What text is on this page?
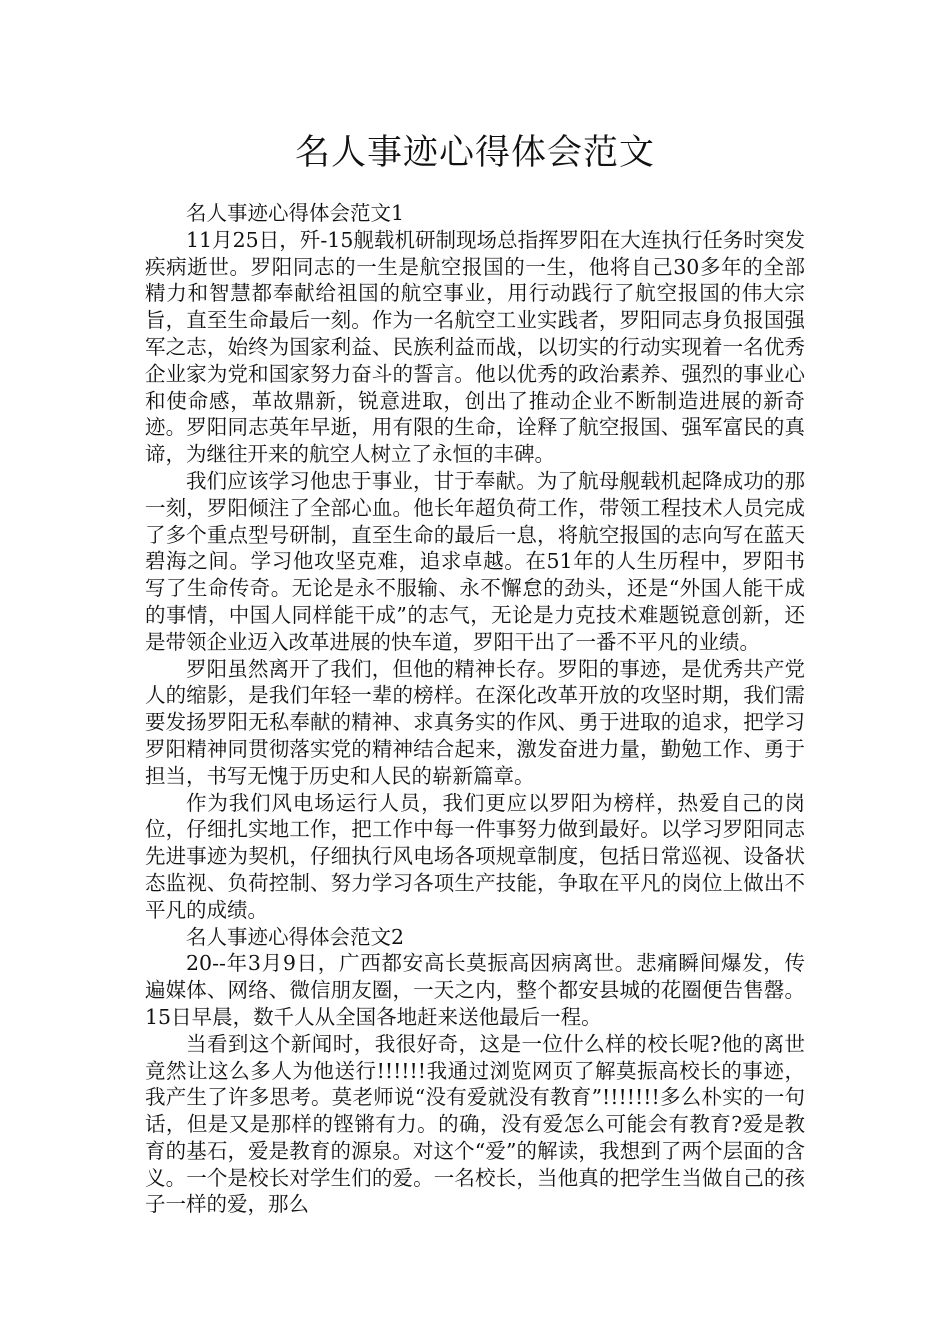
名人事迹心得体会范文

名人事迹心得体会范文1

11月25日，歼-15舰载机研制现场总指挥罗阳在大连执行任务时突发疾病逝世。罗阳同志的一生是航空报国的一生，他将自己30多年的全部精力和智慧都奉献给祖国的航空事业，用行动践行了航空报国的伟大宗旨，直至生命最后一刻。作为一名航空工业实践者，罗阳同志身负报国强军之志，始终为国家利益、民族利益而战，以切实的行动实现着一名优秀企业家为党和国家努力奋斗的誓言。他以优秀的政治素养、强烈的事业心和使命感，革故鼎新，锐意进取，创出了推动企业不断制造进展的新奇迹。罗阳同志英年早逝，用有限的生命，诠释了航空报国、强军富民的真谛，为继往开来的航空人树立了永恒的丰碑。

我们应该学习他忠于事业，甘于奉献。为了航母舰载机起降成功的那一刻，罗阳倾注了全部心血。他长年超负荷工作，带领工程技术人员完成了多个重点型号研制，直至生命的最后一息，将航空报国的志向写在蓝天碧海之间。学习他攻坚克难，追求卓越。在51年的人生历程中，罗阳书写了生命传奇。无论是永不服输、永不懈怠的劲头，还是“外国人能干成的事情，中国人同样能干成”的志气，无论是力克技术难题锐意创新，还是带领企业迈入改革进展的快车道，罗阳干出了一番不平凡的业绩。

罗阳虽然离开了我们，但他的精神长存。罗阳的事迹，是优秀共产党人的缩影，是我们年轻一辈的榜样。在深化改革开放的攻坚时期，我们需要发扬罗阳无私奉献的精神、求真务实的作风、勇于进取的追求，把学习罗阳精神同贯彻落实党的精神结合起来，激发奋进力量，勤勉工作、勇于担当，书写无愧于历史和人民的崭新篇章。

作为我们风电场运行人员，我们更应以罗阳为榜样，热爱自己的岗位，仔细扎实地工作，把工作中每一件事努力做到最好。以学习罗阳同志先进事迹为契机，仔细执行风电场各项规章制度，包括日常巡视、设备状态监视、负荷控制、努力学习各项生产技能，争取在平凡的岗位上做出不平凡的成绩。

名人事迹心得体会范文2

20--年3月9日，广西都安高长莫振高因病离世。悲痛瞬间爆发，传遍媒体、网络、微信朋友圈，一天之内，整个都安县城的花圈便告售罄。15日早晨，数千人从全国各地赶来送他最后一程。

当看到这个新闻时，我很好奇，这是一位什么样的校长呢?他的离世竟然让这么多人为他送行!!!!!!我通过浏览网页了解莫振高校长的事迹，我产生了许多思考。莫老师说“没有爱就没有教育”!!!!!!!多么朴实的一句话，但是又是那样的铿锵有力。的确，没有爱怎么可能会有教育?爱是教育的基石，爱是教育的源泉。对这个“爱”的解读，我想到了两个层面的含义。一个是校长对学生们的爱。一名校长，当他真的把学生当做自己的孩子一样的爱，那么
